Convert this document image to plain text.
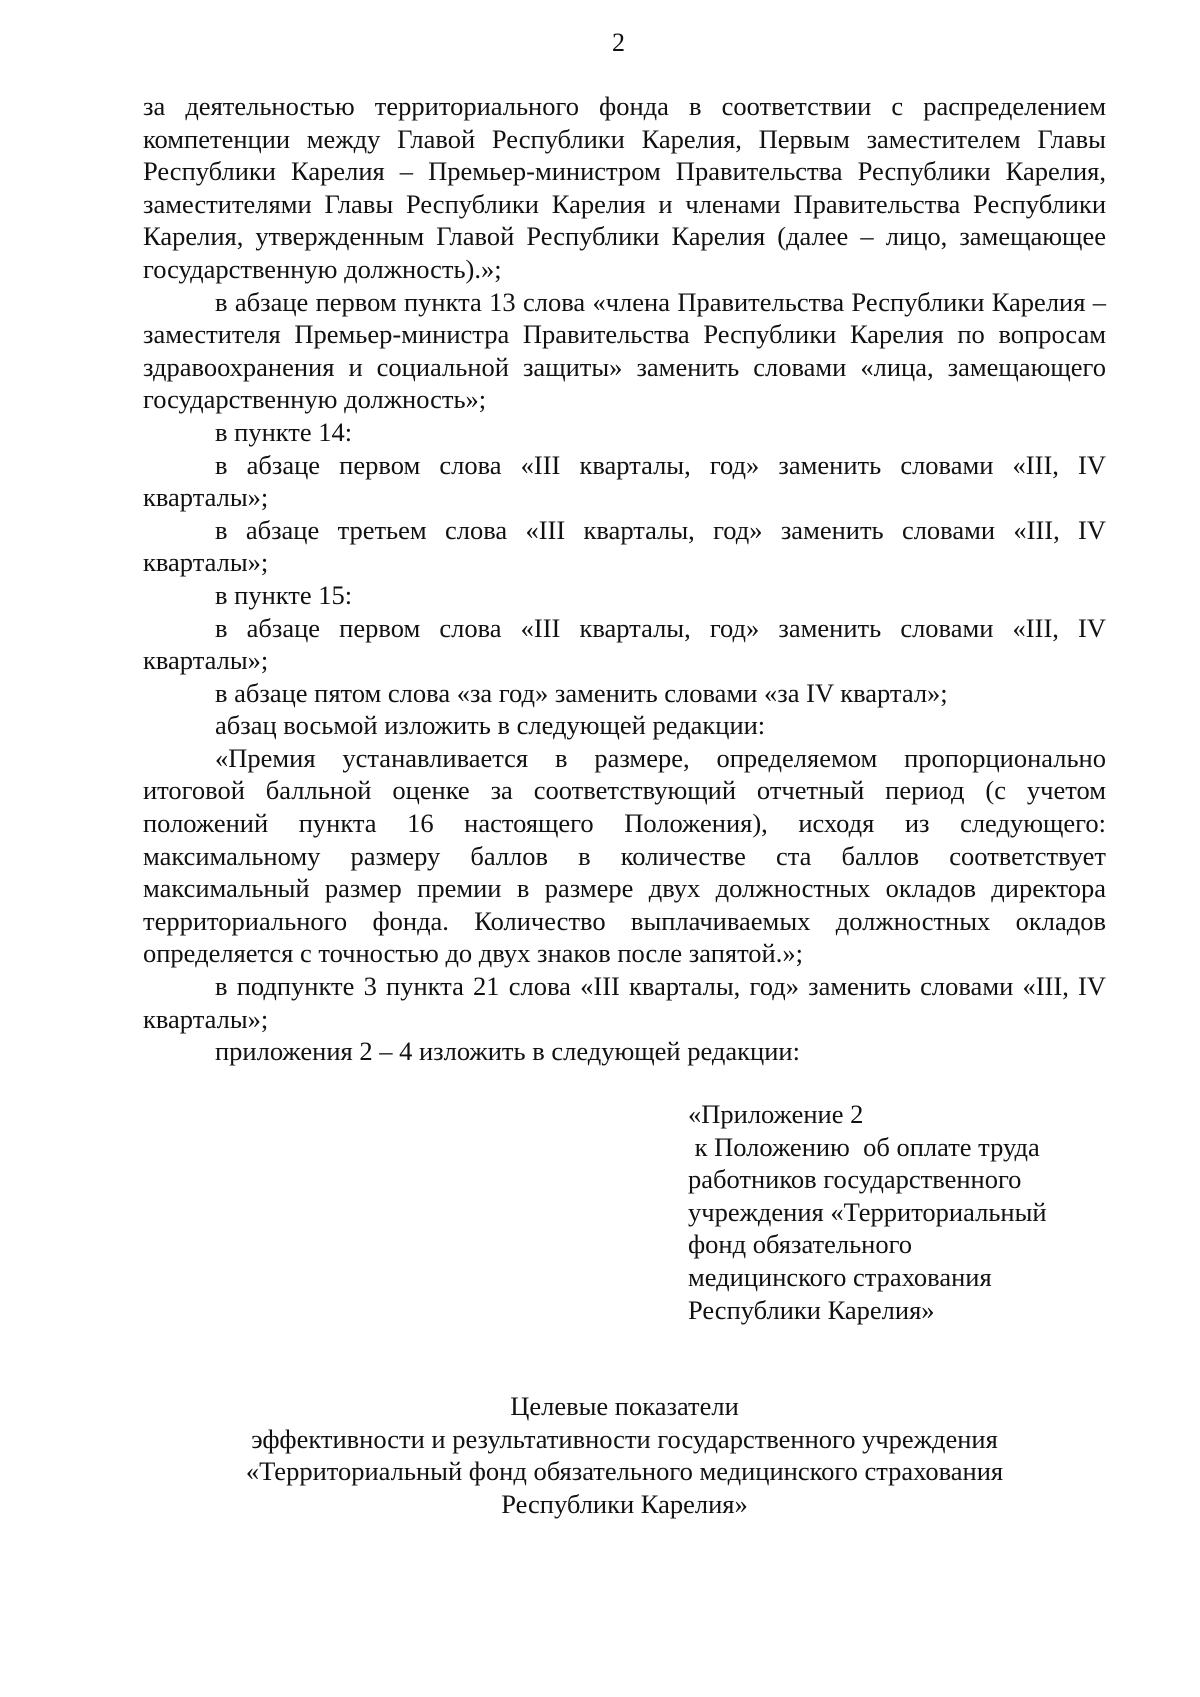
2

за деятельностью территориального фонда в соответствии с распределением компетенции между Главой Республики Карелия, Первым заместителем Главы Республики Карелия – Премьер-министром Правительства Республики Карелия, заместителями Главы Республики Карелия и членами Правительства Республики Карелия, утвержденным Главой Республики Карелия (далее – лицо, замещающее государственную должность).»;

в абзаце первом пункта 13 слова «члена Правительства Республики Карелия – заместителя Премьер-министра Правительства Республики Карелия по вопросам здравоохранения и социальной защиты» заменить словами «лица, замещающего государственную должность»;

в пункте 14:

в абзаце первом слова «III кварталы, год» заменить словами «III, IV кварталы»;

в абзаце третьем слова «III кварталы, год» заменить словами «III, IV кварталы»;

в пункте 15:

в абзаце первом слова «III кварталы, год» заменить словами «III, IV кварталы»;

в абзаце пятом слова «за год» заменить словами «за IV квартал»;

абзац восьмой изложить в следующей редакции:

«Премия устанавливается в размере, определяемом пропорционально итоговой балльной оценке за соответствующий отчетный период (с учетом положений пункта 16 настоящего Положения), исходя из следующего: максимальному размеру баллов в количестве ста баллов соответствует максимальный размер премии в размере двух должностных окладов директора территориального фонда. Количество выплачиваемых должностных окладов определяется с точностью до двух знаков после запятой.»;

в подпункте 3 пункта 21 слова «III кварталы, год» заменить словами «III, IV кварталы»;

приложения 2 – 4 изложить в следующей редакции:

«Приложение 2
к Положению  об оплате труда
работников государственного
учреждения «Территориальный
фонд обязательного
медицинского страхования
Республики Карелия»
Целевые показатели
эффективности и результативности государственного учреждения
«Территориальный фонд обязательного медицинского страхования
Республики Карелия»
